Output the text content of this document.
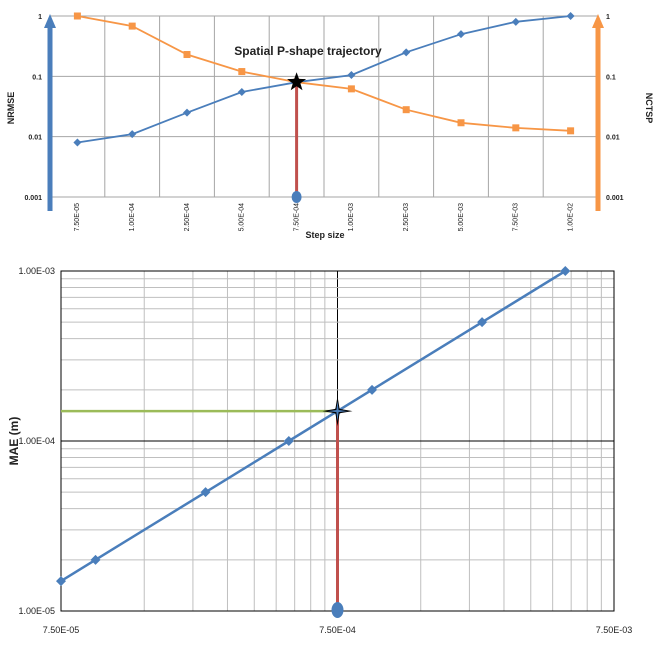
7.50E-05	1.00E-04	2.50E-04	5.00E-04	7.50E-04	1.00E-03	2.50E-03	5.00E-03	7.50E-03	1.00E-02
0.001
0.01
0.1
1
0.001
0.01
0.1
1
Spatial P-shape trajectory
Step size
NRMSE	NCTSP
7.50E-05	7.50E-04	7.50E-03
1.00E-05
1.00E-04
1.00E-03
MAE (m)
